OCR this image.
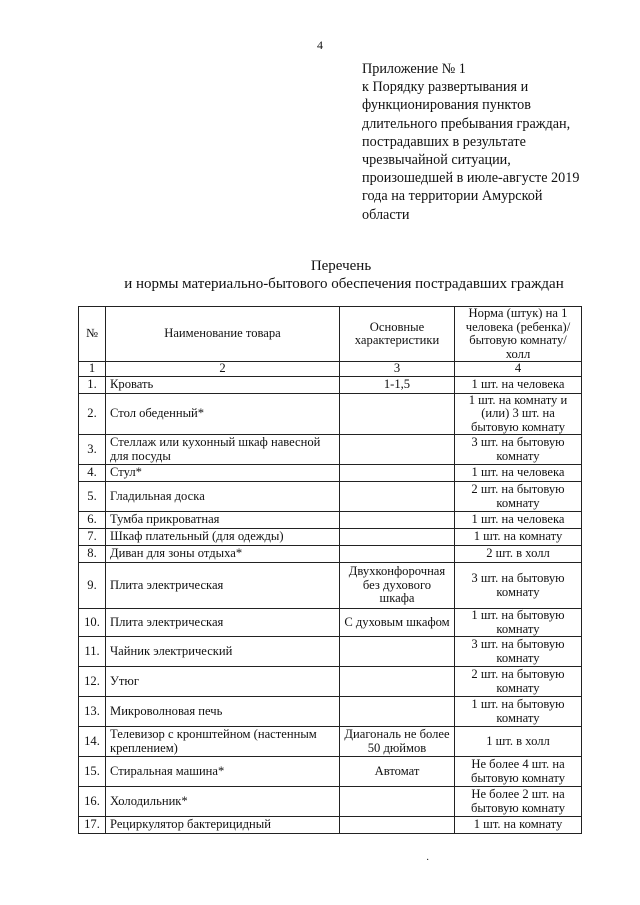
4
Приложение № 1
к Порядку развертывания и
функционирования пунктов
длительного пребывания граждан,
пострадавших в результате
чрезвычайной ситуации,
произошедшей в июле-августе 2019
года на территории Амурской
области
Перечень
и нормы материально-бытового обеспечения пострадавших граждан
№	Наименование товара	Основные характеристики	Норма (штук) на 1 человека (ребенка)/ бытовую комнату/холл
1	2	3	4
1.	Кровать	1-1,5	1 шт. на человека
2.	Стол обеденный*		1 шт. на комнату и (или) 3 шт. на бытовую комнату
3.	Стеллаж или кухонный шкаф навесной для посуды		3 шт. на бытовую комнату
4.	Стул*		1 шт. на человека
5.	Гладильная доска		2 шт. на бытовую комнату
6.	Тумба прикроватная		1 шт. на человека
7.	Шкаф плательный (для одежды)		1 шт. на комнату
8.	Диван для зоны отдыха*		2 шт. в холл
9.	Плита электрическая	Двухконфорочная без духового шкафа	3 шт. на бытовую комнату
10.	Плита электрическая	С духовым шкафом	1 шт. на бытовую комнату
11.	Чайник электрический		3 шт. на бытовую комнату
12.	Утюг		2 шт. на бытовую комнату
13.	Микроволновая печь		1 шт. на бытовую комнату
14.	Телевизор с кронштейном (настенным креплением)	Диагональ не более 50 дюймов	1 шт. в холл
15.	Стиральная машина*	Автомат	Не более 4 шт. на бытовую комнату
16.	Холодильник*		Не более 2 шт. на бытовую комнату
17.	Рециркулятор бактерицидный		1 шт. на комнату
·
